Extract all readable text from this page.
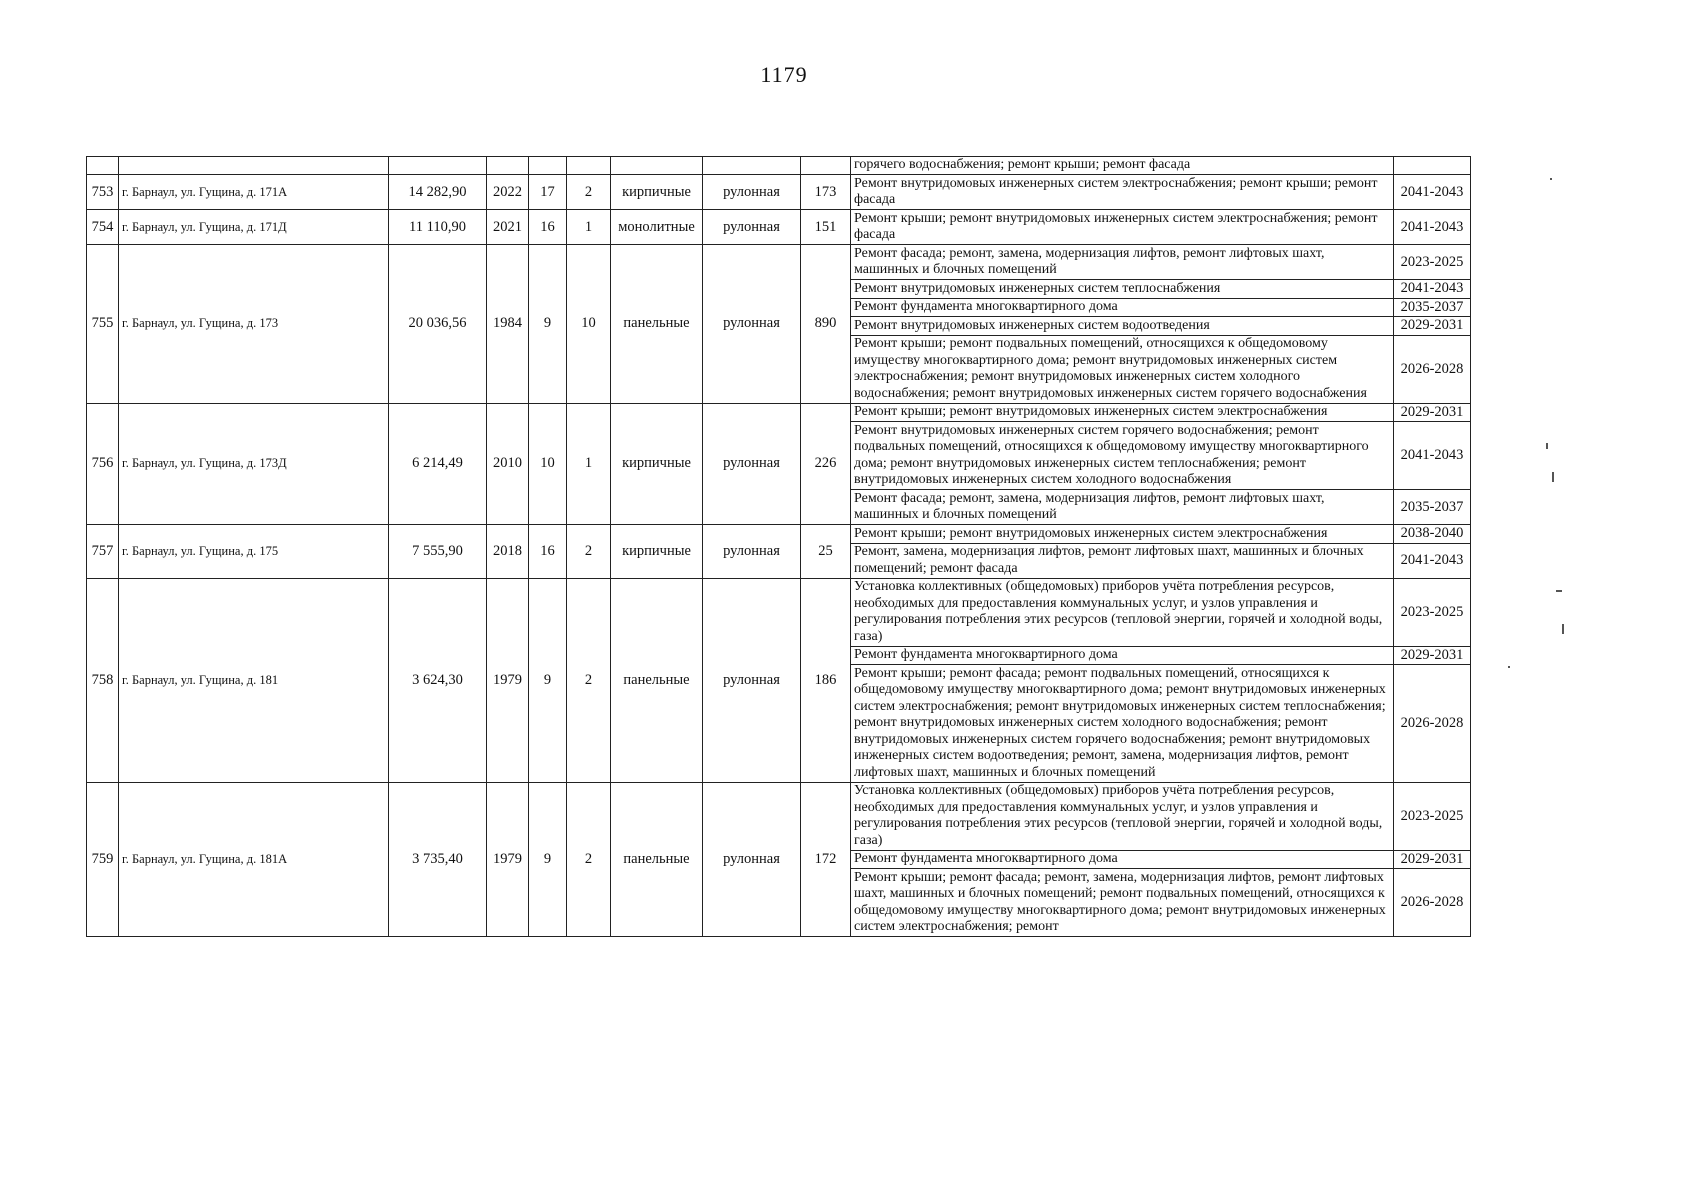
1179
									горячего водоснабжения; ремонт крыши; ремонт фасада	
753	г. Барнаул, ул. Гущина, д. 171А	14 282,90	2022	17	2	кирпичные	рулонная	173	Ремонт внутридомовых инженерных систем электроснабжения; ремонт крыши; ремонт фасада	2041-2043
754	г. Барнаул, ул. Гущина, д. 171Д	11 110,90	2021	16	1	монолитные	рулонная	151	Ремонт крыши; ремонт внутридомовых инженерных систем электроснабжения; ремонт фасада	2041-2043
755	г. Барнаул, ул. Гущина, д. 173	20 036,56	1984	9	10	панельные	рулонная	890	Ремонт фасада; ремонт, замена, модернизация лифтов, ремонт лифтовых шахт, машинных и блочных помещений	2023-2025
									Ремонт внутридомовых инженерных систем теплоснабжения	2041-2043
									Ремонт фундамента многоквартирного дома	2035-2037
									Ремонт внутридомовых инженерных систем водоотведения	2029-2031
									Ремонт крыши; ремонт подвальных помещений, относящихся к общедомовому имуществу многоквартирного дома; ремонт внутридомовых инженерных систем электроснабжения; ремонт внутридомовых инженерных систем холодного водоснабжения; ремонт внутридомовых инженерных систем горячего водоснабжения	2026-2028
756	г. Барнаул, ул. Гущина, д. 173Д	6 214,49	2010	10	1	кирпичные	рулонная	226	Ремонт крыши; ремонт внутридомовых инженерных систем электроснабжения	2029-2031
									Ремонт внутридомовых инженерных систем горячего водоснабжения; ремонт подвальных помещений, относящихся к общедомовому имуществу многоквартирного дома; ремонт внутридомовых инженерных систем теплоснабжения; ремонт внутридомовых инженерных систем холодного водоснабжения	2041-2043
									Ремонт фасада; ремонт, замена, модернизация лифтов, ремонт лифтовых шахт, машинных и блочных помещений	2035-2037
757	г. Барнаул, ул. Гущина, д. 175	7 555,90	2018	16	2	кирпичные	рулонная	25	Ремонт крыши; ремонт внутридомовых инженерных систем электроснабжения	2038-2040
									Ремонт, замена, модернизация лифтов, ремонт лифтовых шахт, машинных и блочных помещений; ремонт фасада	2041-2043
758	г. Барнаул, ул. Гущина, д. 181	3 624,30	1979	9	2	панельные	рулонная	186	Установка коллективных (общедомовых) приборов учёта потребления ресурсов, необходимых для предоставления коммунальных услуг, и узлов управления и регулирования потребления этих ресурсов (тепловой энергии, горячей и холодной воды, газа)	2023-2025
									Ремонт фундамента многоквартирного дома	2029-2031
									Ремонт крыши; ремонт фасада; ремонт подвальных помещений, относящихся к общедомовому имуществу многоквартирного дома; ремонт внутридомовых инженерных систем электроснабжения; ремонт внутридомовых инженерных систем теплоснабжения; ремонт внутридомовых инженерных систем холодного водоснабжения; ремонт внутридомовых инженерных систем горячего водоснабжения; ремонт внутридомовых инженерных систем водоотведения; ремонт, замена, модернизация лифтов, ремонт лифтовых шахт, машинных и блочных помещений	2026-2028
759	г. Барнаул, ул. Гущина, д. 181А	3 735,40	1979	9	2	панельные	рулонная	172	Установка коллективных (общедомовых) приборов учёта потребления ресурсов, необходимых для предоставления коммунальных услуг, и узлов управления и регулирования потребления этих ресурсов (тепловой энергии, горячей и холодной воды, газа)	2023-2025
									Ремонт фундамента многоквартирного дома	2029-2031
									Ремонт крыши; ремонт фасада; ремонт, замена, модернизация лифтов, ремонт лифтовых шахт, машинных и блочных помещений; ремонт подвальных помещений, относящихся к общедомовому имуществу многоквартирного дома; ремонт внутридомовых инженерных систем электроснабжения; ремонт	2026-2028
